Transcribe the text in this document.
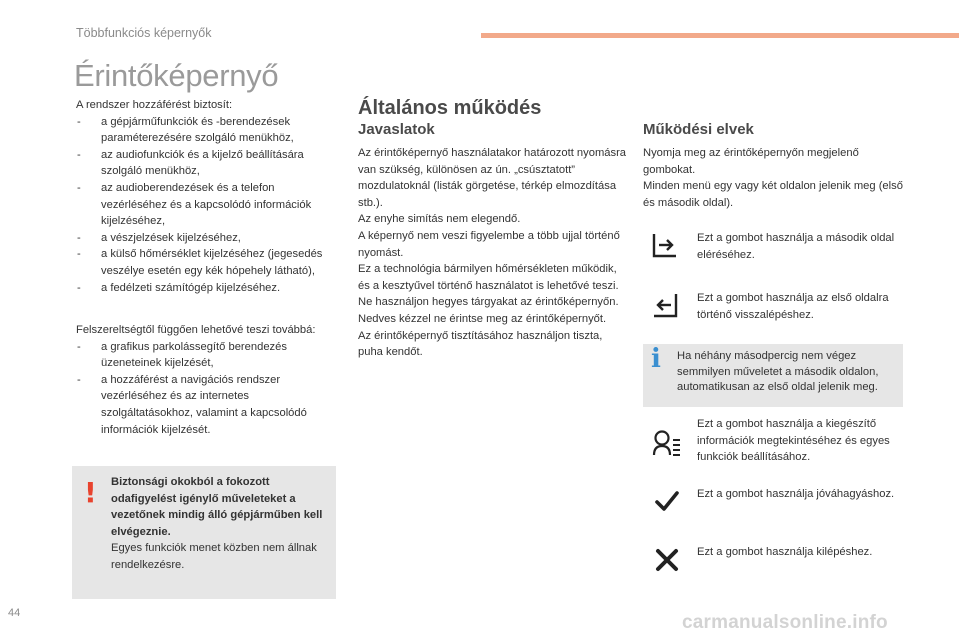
Többfunkciós képernyők
Érintőképernyő
A rendszer hozzáférést biztosít:
- a gépjárműfunkciók és -berendezések paraméterezésére szolgáló menükhöz,
- az audiofunkciók és a kijelző beállítására szolgáló menükhöz,
- az audioberendezések és a telefon vezérléséhez és a kapcsolódó információk kijelzéséhez,
- a vészjelzések kijelzéséhez,
- a külső hőmérséklet kijelzéséhez (jegesedés veszélye esetén egy kék hópehely látható),
- a fedélzeti számítógép kijelzéséhez.
Felszereltségtől függően lehetővé teszi továbbá:
- a grafikus parkolássegítő berendezés üzeneteinek kijelzését,
- a hozzáférést a navigációs rendszer vezérléséhez és az internetes szolgáltatásokhoz, valamint a kapcsolódó információk kijelzését.
! Biztonsági okokból a fokozott odafigyelést igénylő műveleteket a vezetőnek mindig álló gépjárműben kell elvégeznie.
Egyes funkciók menet közben nem állnak rendelkezésre.
Általános működés
Javaslatok
Az érintőképernyő használatakor határozott nyomásra van szükség, különösen az ún. „csúsztatott” mozdulatoknál (listák görgetése, térkép elmozdítása stb.).
Az enyhe simítás nem elegendő.
A képernyő nem veszi figyelembe a több ujjal történő nyomást.
Ez a technológia bármilyen hőmérsékleten működik, és a kesztyűvel történő használatot is lehetővé teszi.
Ne használjon hegyes tárgyakat az érintőképernyőn.
Nedves kézzel ne érintse meg az érintőképernyőt.
Az érintőképernyő tisztításához használjon tiszta, puha kendőt.
Működési elvek
Nyomja meg az érintőképernyőn megjelenő gombokat.
Minden menü egy vagy két oldalon jelenik meg (első és második oldal).
Ezt a gombot használja a második oldal eléréséhez.
Ezt a gombot használja az első oldalra történő visszalépéshez.
i Ha néhány másodpercig nem végez semmilyen műveletet a második oldalon, automatikusan az első oldal jelenik meg.
Ezt a gombot használja a kiegészítő információk megtekintéséhez és egyes funkciók beállításához.
Ezt a gombot használja jóváhagyáshoz.
Ezt a gombot használja kilépéshez.
44	carmanualsonline.info
